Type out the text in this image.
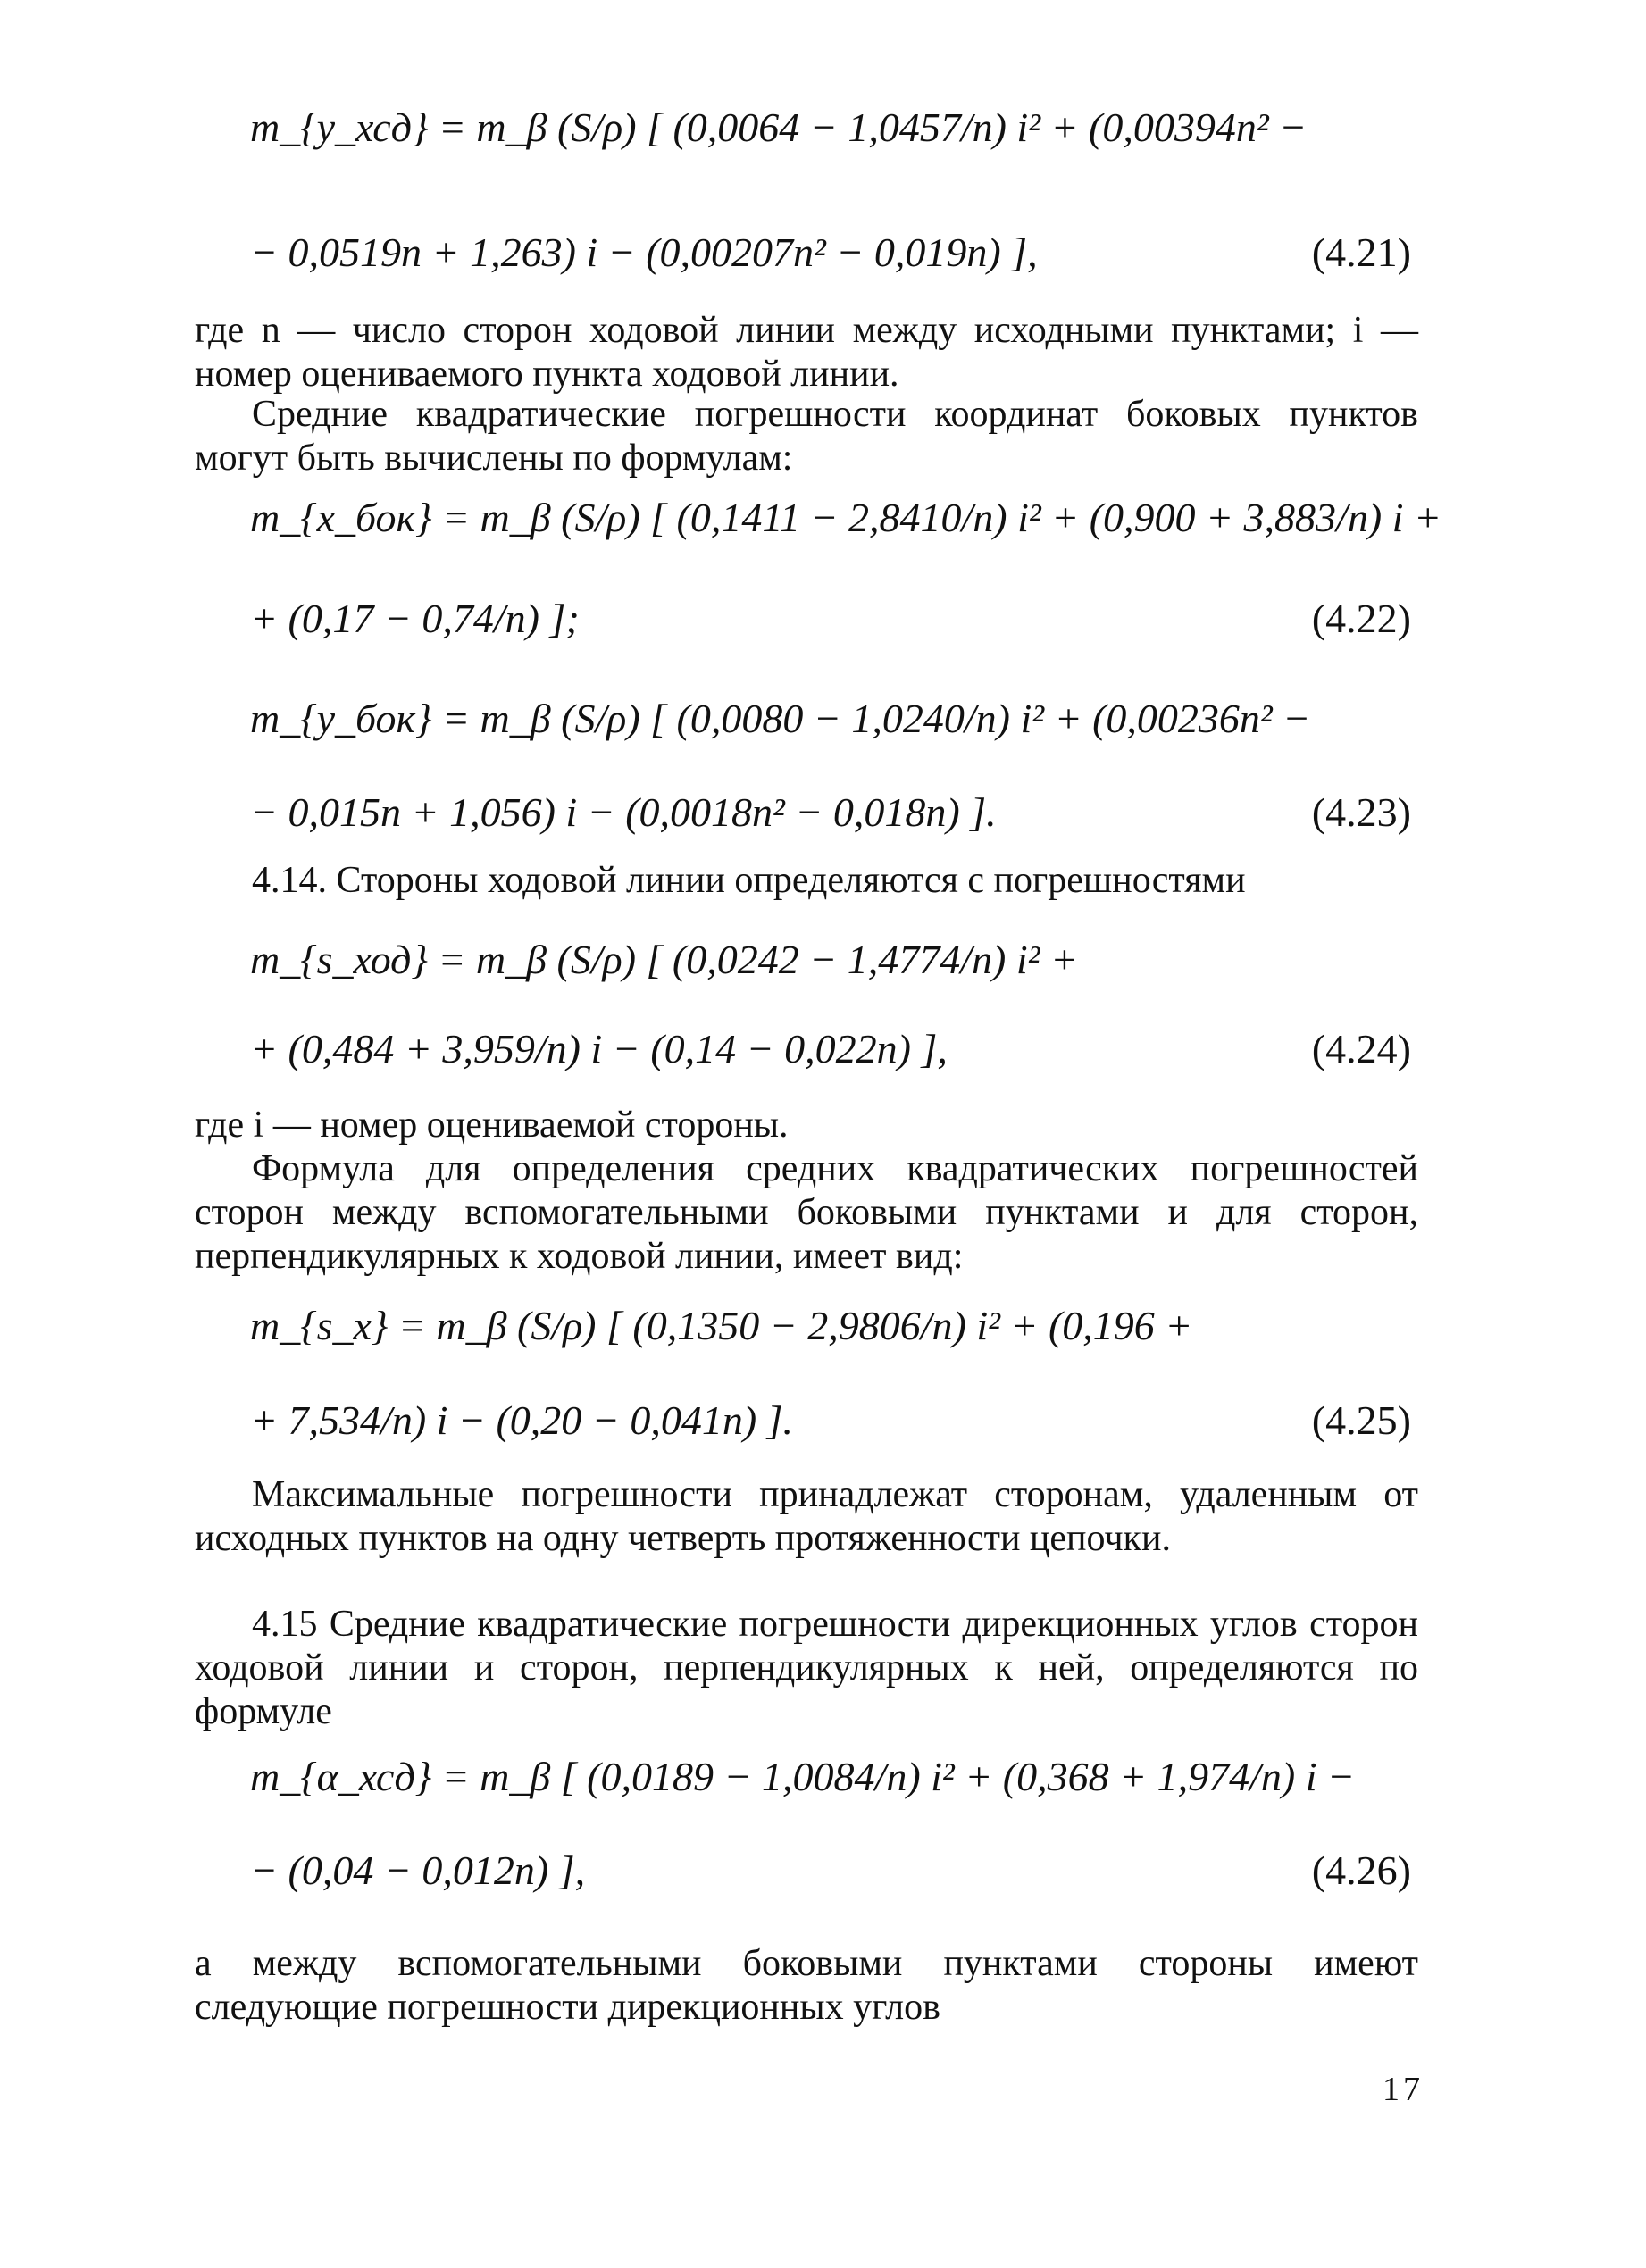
m_{y_хсд} = m_β (S/ρ) [ (0,0064 − 1,0457/n) i² + (0,00394n² −
− 0,0519n + 1,263) i − (0,00207n² − 0,019n) ],	(4.21)

где n — число сторон ходовой линии между исходными пунктами; i — номер оцениваемого пункта ходовой линии.

Средние квадратические погрешности координат боковых пунктов могут быть вычислены по формулам:

m_{x_бок} = m_β (S/ρ) [ (0,1411 − 2,8410/n) i² + (0,900 + 3,883/n) i +
+ (0,17 − 0,74/n) ];	(4.22)
m_{y_бок} = m_β (S/ρ) [ (0,0080 − 1,0240/n) i² + (0,00236n² −
− 0,015n + 1,056) i − (0,0018n² − 0,018n) ].	(4.23)

4.14. Стороны ходовой линии определяются с погрешностями

m_{s_ход} = m_β (S/ρ) [ (0,0242 − 1,4774/n) i² +
+ (0,484 + 3,959/n) i − (0,14 − 0,022n) ],	(4.24)

где i — номер оцениваемой стороны.

Формула для определения средних квадратических погрешностей сторон между вспомогательными боковыми пунктами и для сторон, перпендикулярных к ходовой линии, имеет вид:

m_{s_x} = m_β (S/ρ) [ (0,1350 − 2,9806/n) i² + (0,196 +
+ 7,534/n) i − (0,20 − 0,041n) ].	(4.25)

Максимальные погрешности принадлежат сторонам, удаленным от исходных пунктов на одну четверть протяженности цепочки.

4.15 Средние квадратические погрешности дирекционных углов сторон ходовой линии и сторон, перпендикулярных к ней, определяются по формуле

m_{α_хсд} = m_β [ (0,0189 − 1,0084/n) i² + (0,368 + 1,974/n) i −
− (0,04 − 0,012n) ],	(4.26)

а между вспомогательными боковыми пунктами стороны имеют следующие погрешности дирекционных углов

17
